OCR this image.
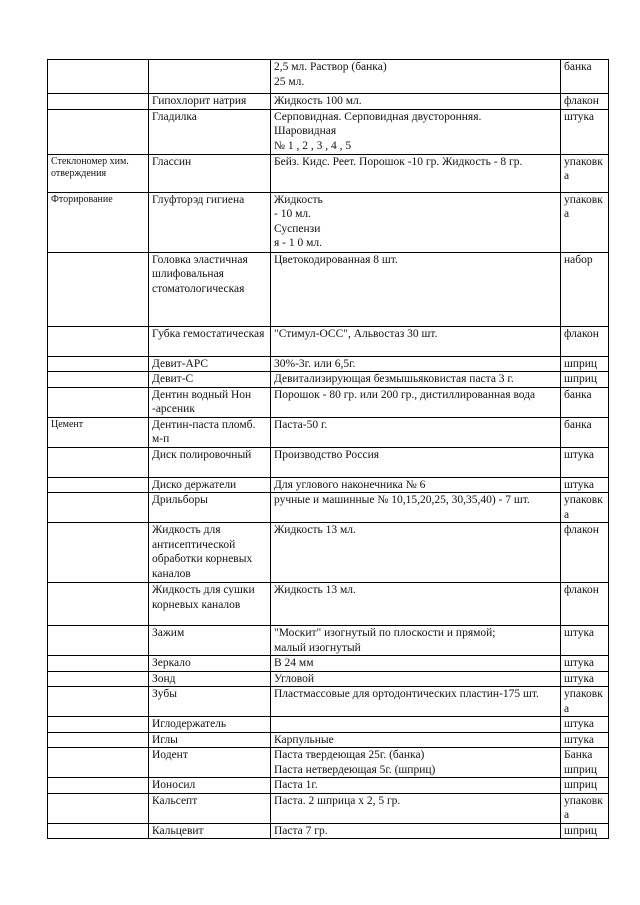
		2,5 мл. Раствор (банка)
25 мл.	банка

	Гипохлорит натрия	Жидкость 100 мл.	флакон

	Гладилка	Серповидная. Серповидная двусторонняя.
Шаровидная
№ 1 , 2 , 3 , 4 , 5	штука

Стеклономер хим. отверждения	Глассин	Бейз. Кидс. Реет. Порошок -10 гр. Жидкость - 8 гр.	упаковка

Фторирование	Глуфторэд гигиена	Жидкость
- 10 мл.
Суспензи
я - 1 0 мл.	упаковка

	Головка эластичная шлифовальная стоматологическая	Цветокодированная 8 шт.	набор

	Губка гемостатическая	"Стимул-ОСС", Альвостаз 30 шт.	флакон

	Девит-АРС	30%-3г. или 6,5г.	шприц

	Девит-С	Девитализирующая безмышьяковистая паста 3 г.	шприц

	Дентин водный Нон -арсеник	Порошок - 80 гр. или 200 гр., дистиллированная вода	банка

Цемент	Дентин-паста пломб. м-п	Паста-50 г.	банка

	Диск полировочный	Производство Россия	штука

	Диско держатели	Для углового наконечника № 6	штука

	Дрильборы	ручные и машинные № 10,15,20,25, 30,35,40) - 7 шт.	упаковка

	Жидкость для антисептической обработки корневых каналов	Жидкость 13 мл.	флакон

	Жидкость для сушки корневых каналов	Жидкость 13 мл.	флакон

	Зажим	"Москит" изогнутый по плоскости и прямой;
малый изогнутый	штука

	Зеркало	В 24 мм	штука

	Зонд	Угловой	штука

	Зубы	Пластмассовые для ортодонтических пластин-175 шт.	упаковка

	Иглодержатель		штука

	Иглы	Карпульные	штука

	Иодент	Паста твердеющая 25г. (банка)
Паста нетвердеющая 5г. (шприц)	Банка
шприц

	Ионосил	Паста 1г.	шприц

	Кальсепт	Паста. 2 шприца х 2, 5 гр.	упаковка

	Кальцевит	Паста 7 гр.	шприц
